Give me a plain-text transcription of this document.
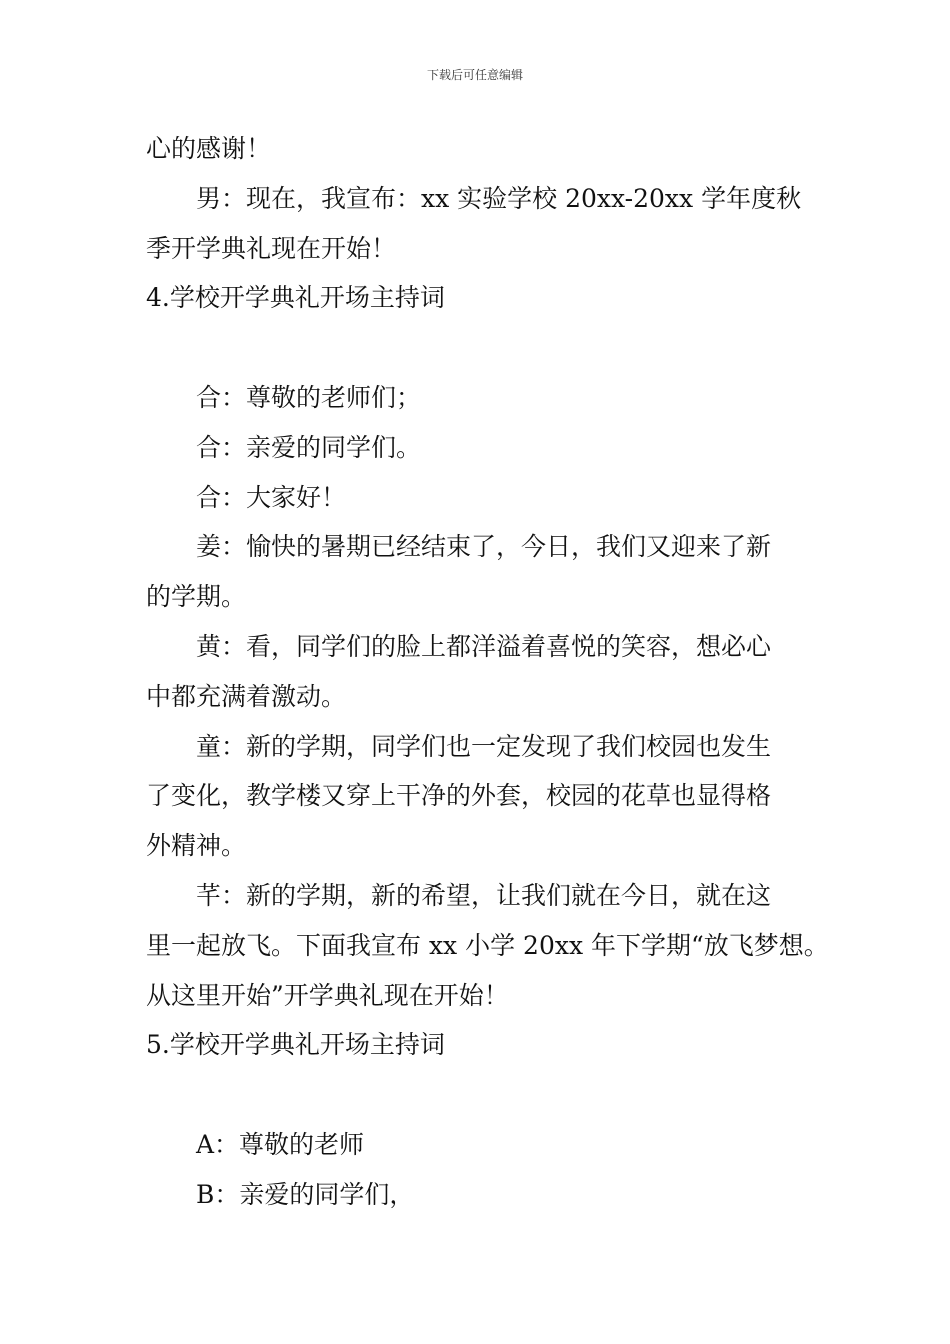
下载后可任意编辑

心的感谢！

男：现在，我宣布：xx 实验学校 20xx-20xx 学年度秋

季开学典礼现在开始！

4.学校开学典礼开场主持词

合：尊敬的老师们；

合：亲爱的同学们。

合：大家好！

姜：愉快的暑期已经结束了，今日，我们又迎来了新

的学期。

黄：看，同学们的脸上都洋溢着喜悦的笑容，想必心

中都充满着激动。

童：新的学期，同学们也一定发现了我们校园也发生

了变化，教学楼又穿上干净的外套，校园的花草也显得格

外精神。

芊：新的学期，新的希望，让我们就在今日，就在这

里一起放飞。下面我宣布 xx 小学 20xx 年下学期“放飞梦想。

从这里开始”开学典礼现在开始！

5.学校开学典礼开场主持词

A：尊敬的老师

B：亲爱的同学们，
